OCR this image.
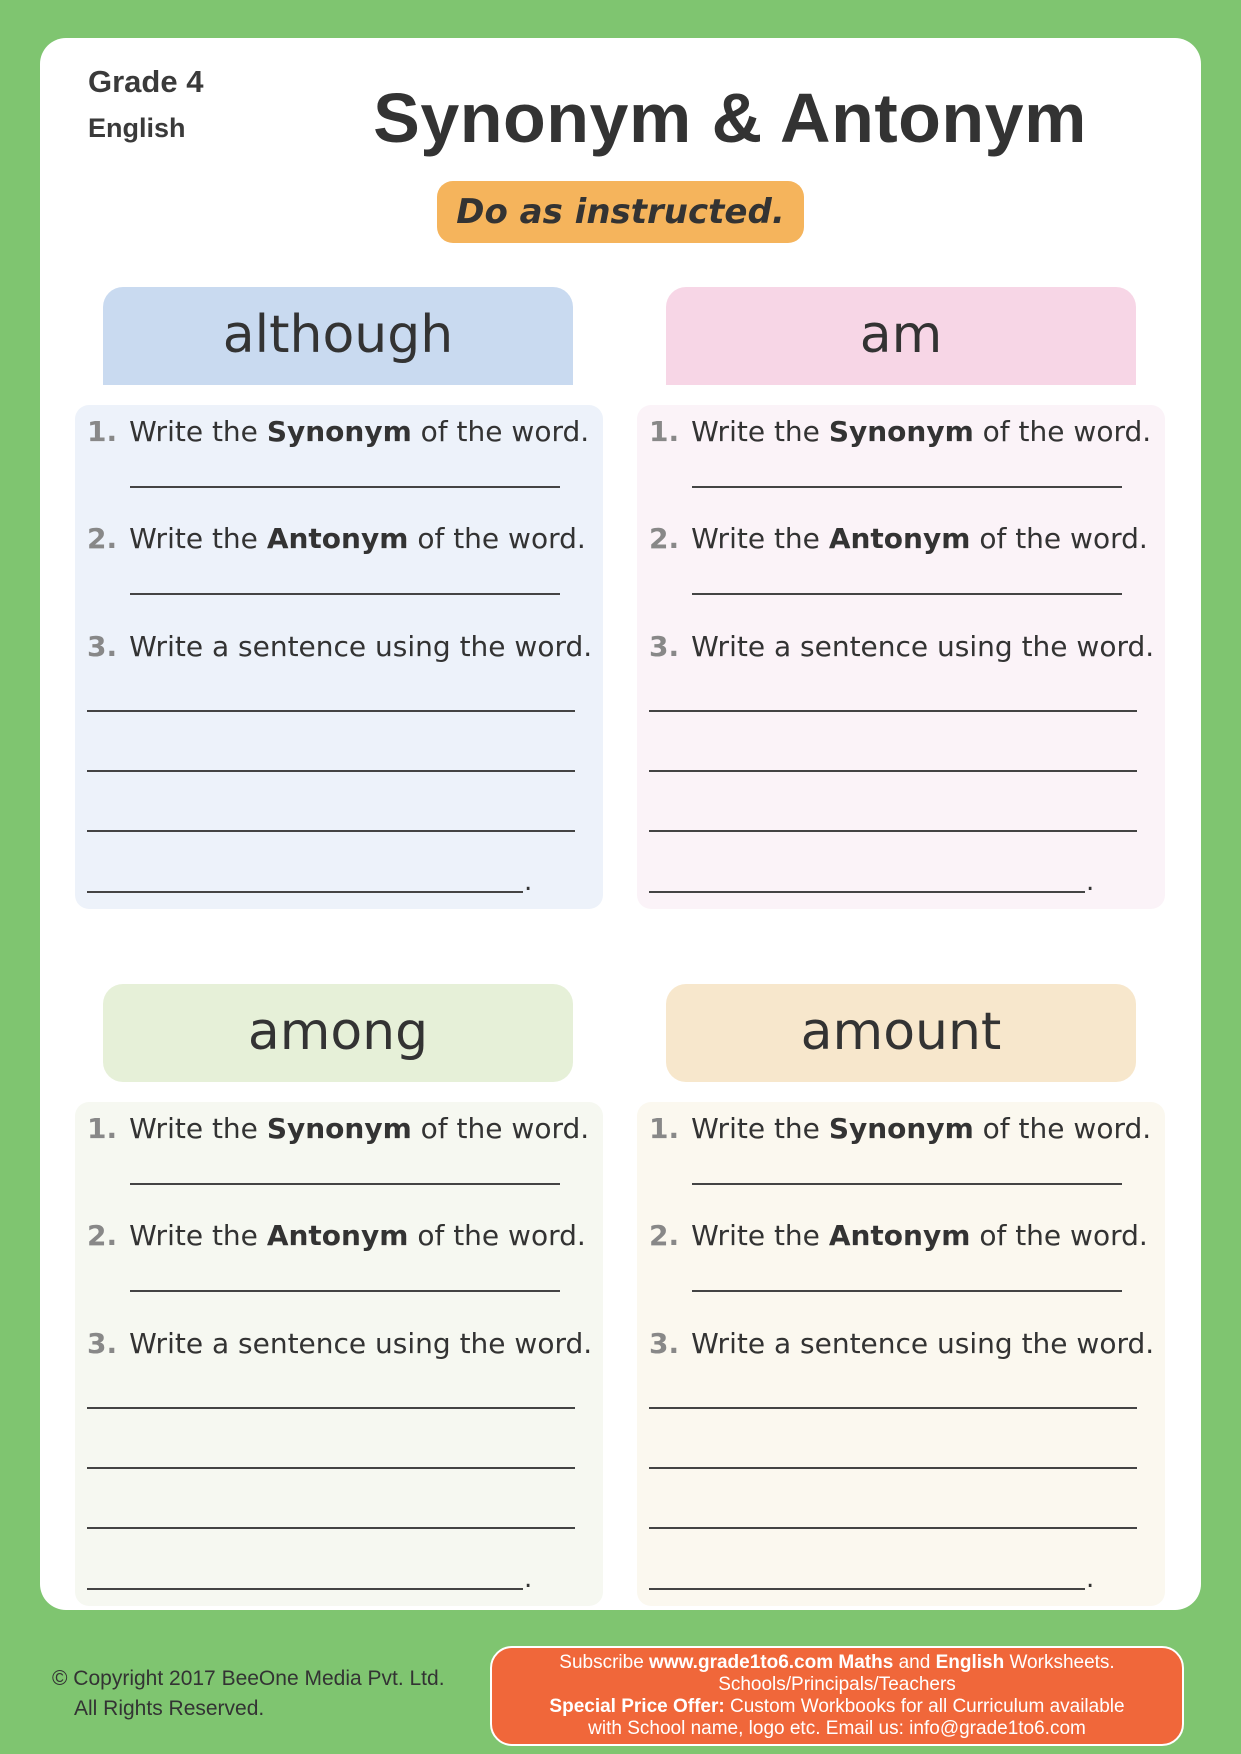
Grade 4
English	Synonym & Antonym
Do as instructed.
although
1. Write the Synonym of the word.
2. Write the Antonym of the word.
3. Write a sentence using the word.
.
am
1. Write the Synonym of the word.
2. Write the Antonym of the word.
3. Write a sentence using the word.
.
among
1. Write the Synonym of the word.
2. Write the Antonym of the word.
3. Write a sentence using the word.
.
amount
1. Write the Synonym of the word.
2. Write the Antonym of the word.
3. Write a sentence using the word.
.
© Copyright 2017 BeeOne Media Pvt. Ltd.
All Rights Reserved.
Subscribe www.grade1to6.com Maths and English Worksheets.
Schools/Principals/Teachers
Special Price Offer: Custom Workbooks for all Curriculum available
with School name, logo etc. Email us: info@grade1to6.com
